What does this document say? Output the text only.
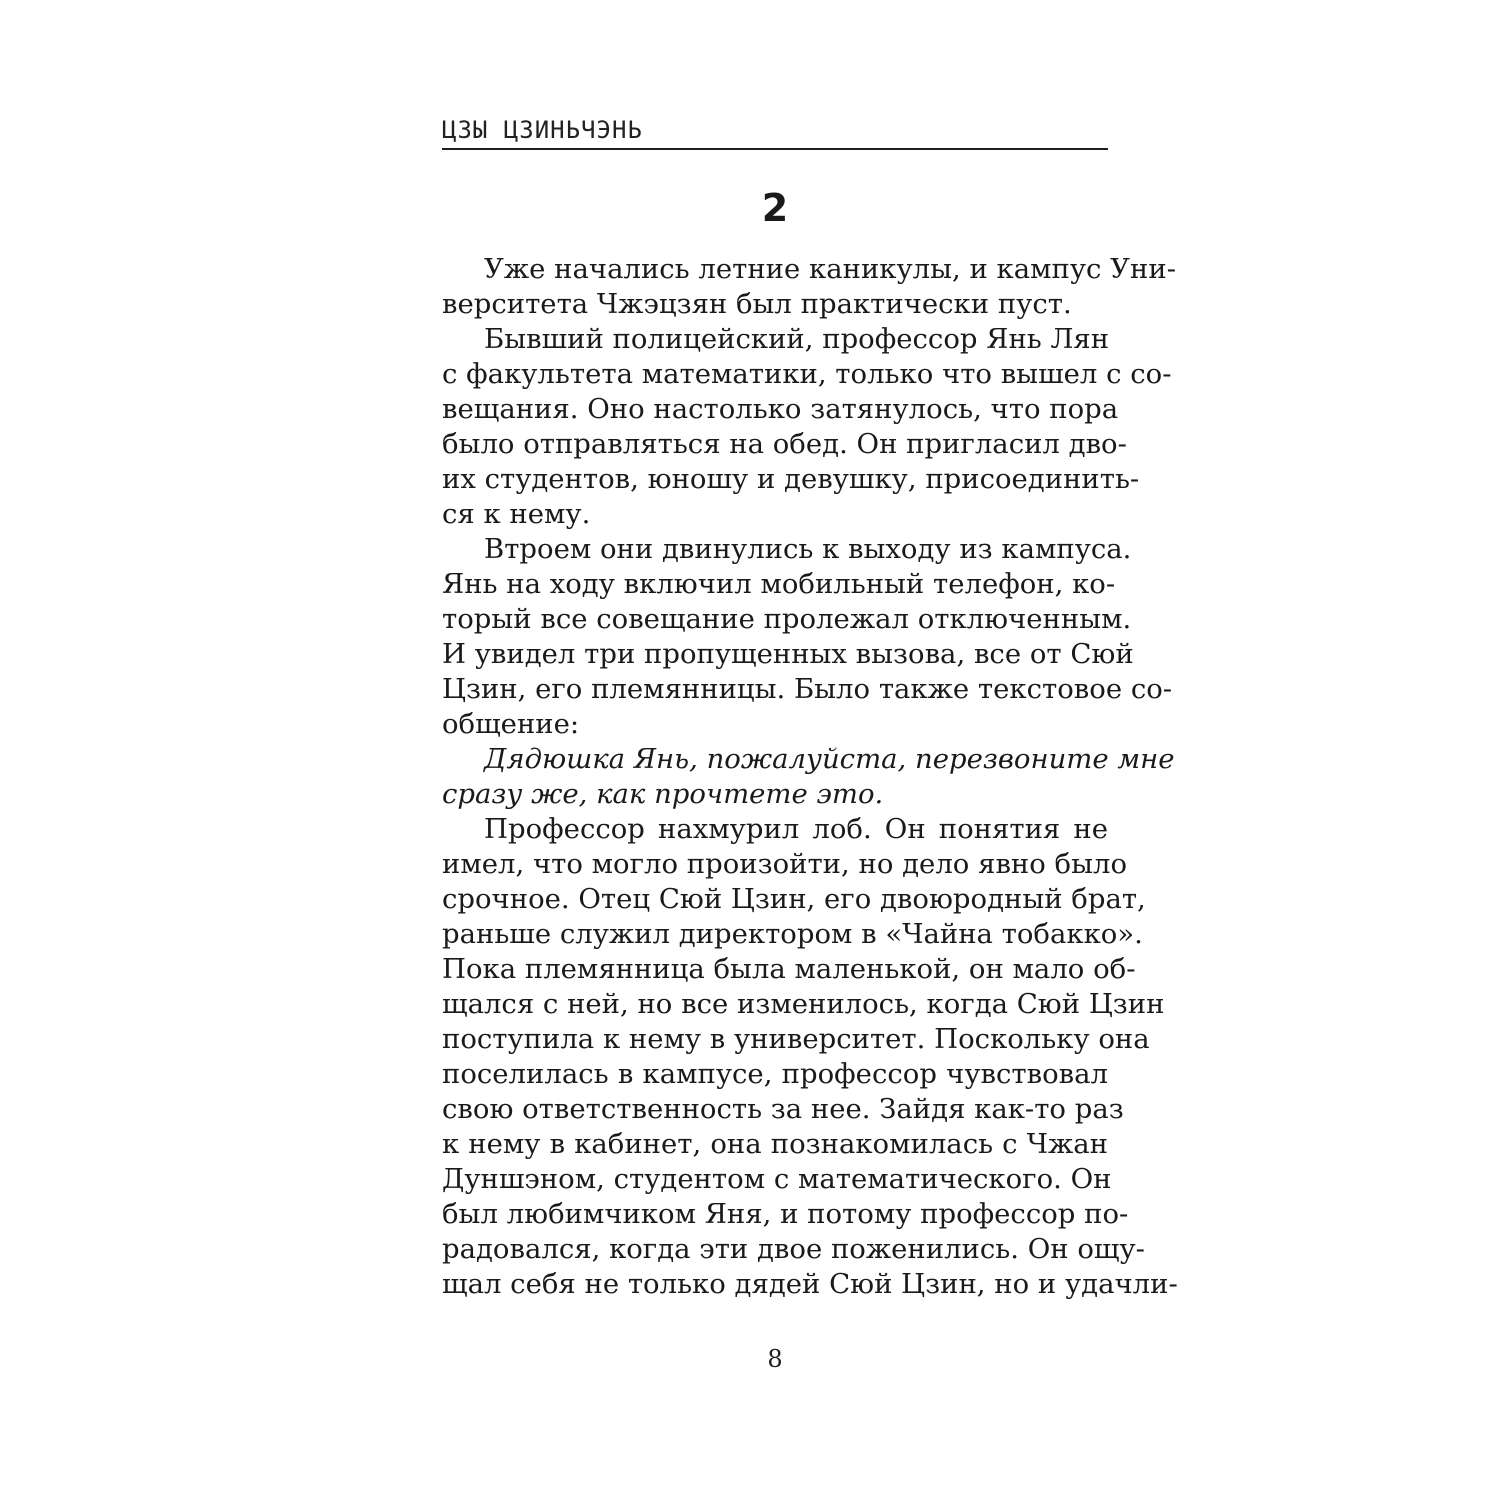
ЦЗЫ ЦЗИНЬЧЭНЬ
2
Уже начались летние каникулы, и кампус Уни-
верситета Чжэцзян был практически пуст.
Бывший полицейский, профессор Янь Лян
с факультета математики, только что вышел с со-
вещания. Оно настолько затянулось, что пора
было отправляться на обед. Он пригласил дво-
их студентов, юношу и девушку, присоединить-
ся к нему.
Втроем они двинулись к выходу из кампуса.
Янь на ходу включил мобильный телефон, ко-
торый все совещание пролежал отключенным.
И увидел три пропущенных вызова, все от Сюй
Цзин, его племянницы. Было также текстовое со-
общение:
Дядюшка Янь, пожалуйста, перезвоните мне
сразу же, как прочтете это.
Профессор нахмурил лоб. Он понятия не
имел, что могло произойти, но дело явно было
срочное. Отец Сюй Цзин, его двоюродный брат,
раньше служил директором в «Чайна тобакко».
Пока племянница была маленькой, он мало об-
щался с ней, но все изменилось, когда Сюй Цзин
поступила к нему в университет. Поскольку она
поселилась в кампусе, профессор чувствовал
свою ответственность за нее. Зайдя как-то раз
к нему в кабинет, она познакомилась с Чжан
Дуншэном, студентом с математического. Он
был любимчиком Яня, и потому профессор по-
радовался, когда эти двое поженились. Он ощу-
щал себя не только дядей Сюй Цзин, но и удачли-
8
